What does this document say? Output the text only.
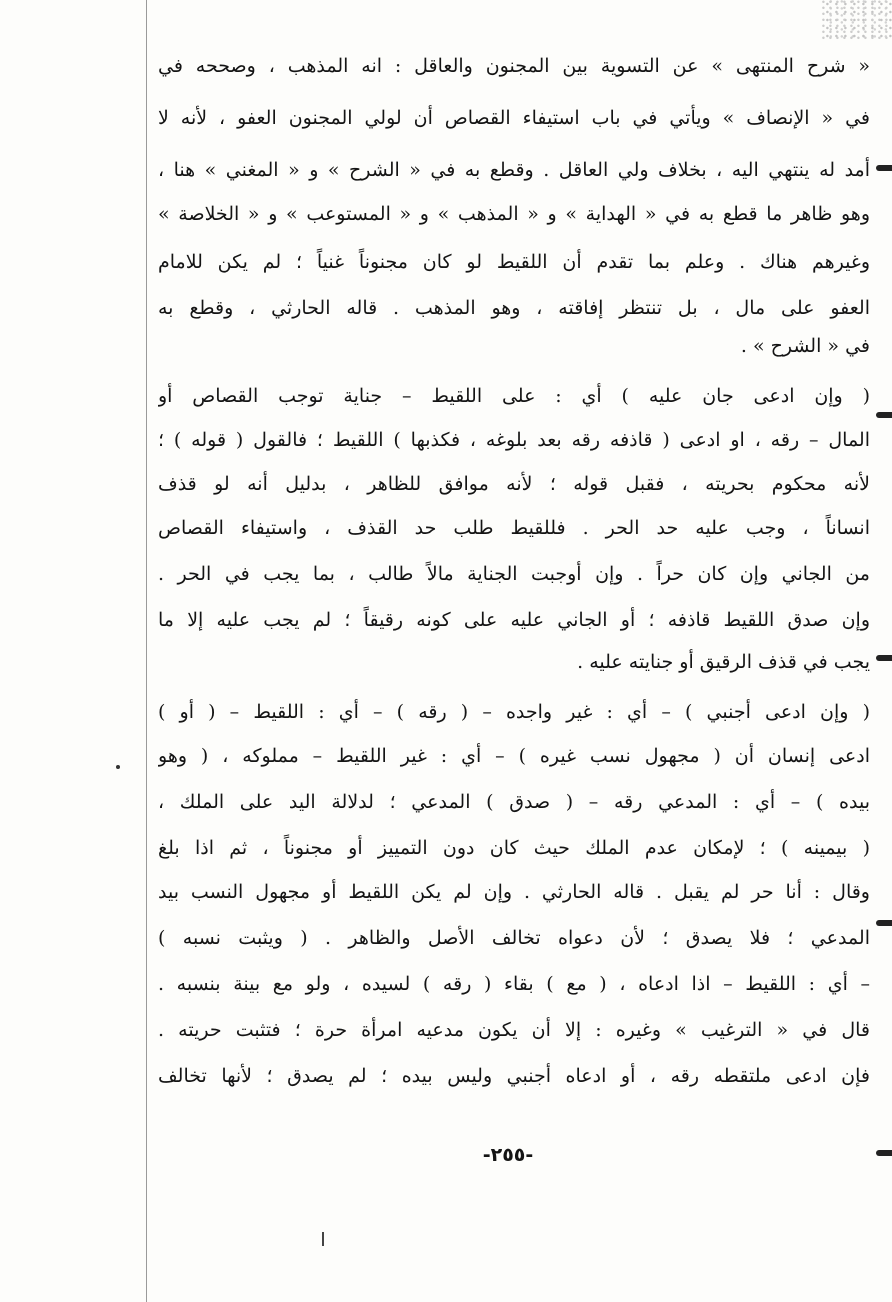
« شرح المنتهى » عن التسوية بين المجنون والعاقل : انه المذهب ، وصححه في
في « الإنصاف » ويأتي في باب استيفاء القصاص أن لولي المجنون العفو ، لأنه لا
أمد له ينتهي اليه ، بخلاف ولي العاقل . وقطع به في « الشرح » و « المغني » هنا ،
وهو ظاهر ما قطع به في « الهداية » و « المذهب » و « المستوعب » و « الخلاصة »
وغيرهم هناك . وعلم بما تقدم أن اللقيط لو كان مجنوناً غنياً ؛ لم يكن للامام
العفو على مال ، بل تنتظر إفاقته ، وهو المذهب . قاله الحارثي ، وقطع به
في « الشرح » .
( وإن ادعى جان عليه ) أي : على اللقيط – جناية توجب القصاص أو
المال – رقه ، او ادعى ( قاذفه رقه بعد بلوغه ، فكذبها ) اللقيط ؛ فالقول ( قوله ) ؛
لأنه محكوم بحريته ، فقبل قوله ؛ لأنه موافق للظاهر ، بدليل أنه لو قذف
انساناً ، وجب عليه حد الحر . فللقيط طلب حد القذف ، واستيفاء القصاص
من الجاني وإن كان حراً . وإن أوجبت الجناية مالاً طالب ، بما يجب في الحر .
وإن صدق اللقيط قاذفه ؛ أو الجاني عليه على كونه رقيقاً ؛ لم يجب عليه إلا ما
يجب في قذف الرقيق أو جنايته عليه .
( وإن ادعى أجنبي ) – أي : غير واجده – ( رقه ) – أي : اللقيط – ( أو )
ادعى إنسان أن ( مجهول نسب غيره ) – أي : غير اللقيط – مملوكه ، ( وهو
بيده ) – أي : المدعي رقه – ( صدق ) المدعي ؛ لدلالة اليد على الملك ،
( بيمينه ) ؛ لإمكان عدم الملك حيث كان دون التمييز أو مجنوناً ، ثم اذا بلغ
وقال : أنا حر لم يقبل . قاله الحارثي . وإن لم يكن اللقيط أو مجهول النسب بيد
المدعي ؛ فلا يصدق ؛ لأن دعواه تخالف الأصل والظاهر . ( ويثبت نسبه )
– أي : اللقيط – اذا ادعاه ، ( مع ) بقاء ( رقه ) لسيده ، ولو مع بينة بنسبه .
قال في « الترغيب » وغيره : إلا أن يكون مدعيه امرأة حرة ؛ فتثبت حريته .
فإن ادعى ملتقطه رقه ، أو ادعاه أجنبي وليس بيده ؛ لم يصدق ؛ لأنها تخالف
-٢٥٥-
